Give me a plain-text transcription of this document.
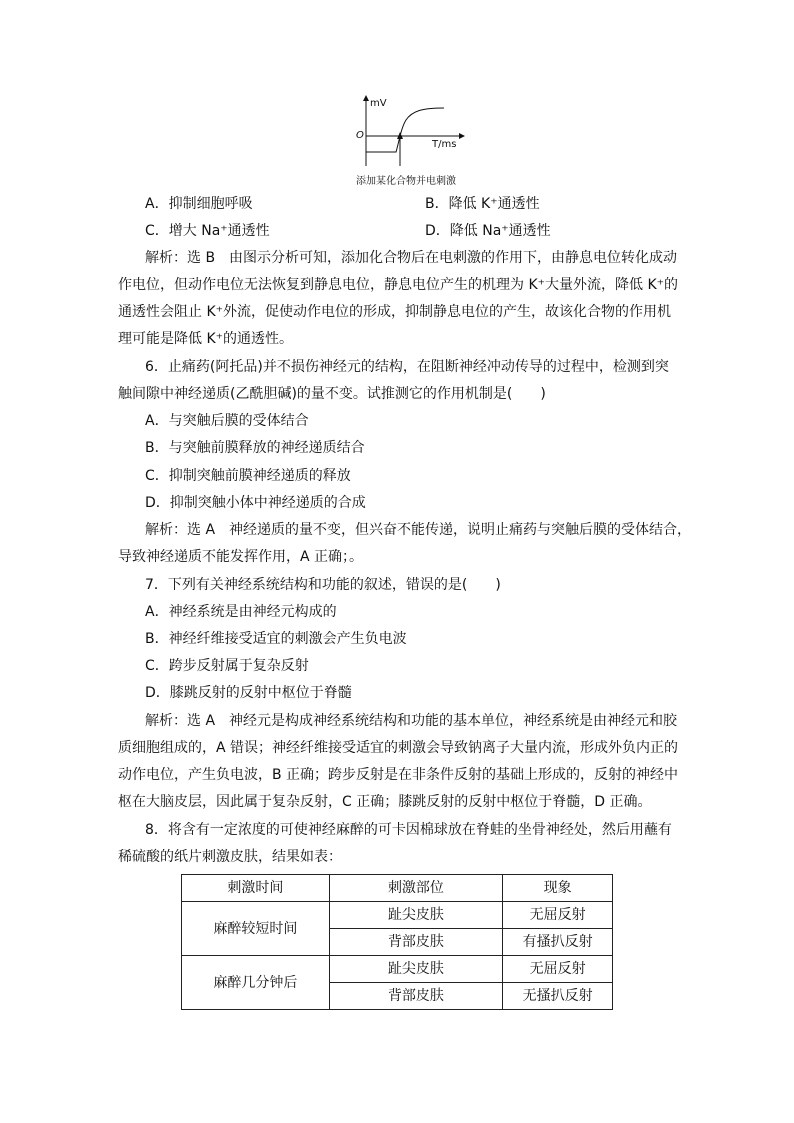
mV
O
T/ms
添加某化合物并电刺激
A．抑制细胞呼吸	B．降低 K⁺通透性
C．增大 Na⁺通透性	D．降低 Na⁺通透性
解析：选 B　由图示分析可知，添加化合物后在电刺激的作用下，由静息电位转化成动
作电位，但动作电位无法恢复到静息电位，静息电位产生的机理为 K⁺大量外流，降低 K⁺的
通透性会阻止 K⁺外流，促使动作电位的形成，抑制静息电位的产生，故该化合物的作用机
理可能是降低 K⁺的通透性。
6．止痛药(阿托品)并不损伤神经元的结构，在阻断神经冲动传导的过程中，检测到突
触间隙中神经递质(乙酰胆碱)的量不变。试推测它的作用机制是(　　)
A．与突触后膜的受体结合
B．与突触前膜释放的神经递质结合
C．抑制突触前膜神经递质的释放
D．抑制突触小体中神经递质的合成
解析：选 A　神经递质的量不变，但兴奋不能传递，说明止痛药与突触后膜的受体结合，
导致神经递质不能发挥作用，A 正确；。
7．下列有关神经系统结构和功能的叙述，错误的是(　　)
A．神经系统是由神经元构成的
B．神经纤维接受适宜的刺激会产生负电波
C．跨步反射属于复杂反射
D．膝跳反射的反射中枢位于脊髓
解析：选 A　神经元是构成神经系统结构和功能的基本单位，神经系统是由神经元和胶
质细胞组成的，A 错误；神经纤维接受适宜的刺激会导致钠离子大量内流，形成外负内正的
动作电位，产生负电波，B 正确；跨步反射是在非条件反射的基础上形成的，反射的神经中
枢在大脑皮层，因此属于复杂反射，C 正确；膝跳反射的反射中枢位于脊髓，D 正确。
8．将含有一定浓度的可使神经麻醉的可卡因棉球放在脊蛙的坐骨神经处，然后用蘸有
稀硫酸的纸片刺激皮肤，结果如表：
刺激时间	刺激部位	现象
麻醉较短时间	趾尖皮肤	无屈反射
	背部皮肤	有搔扒反射
麻醉几分钟后	趾尖皮肤	无屈反射
	背部皮肤	无搔扒反射
